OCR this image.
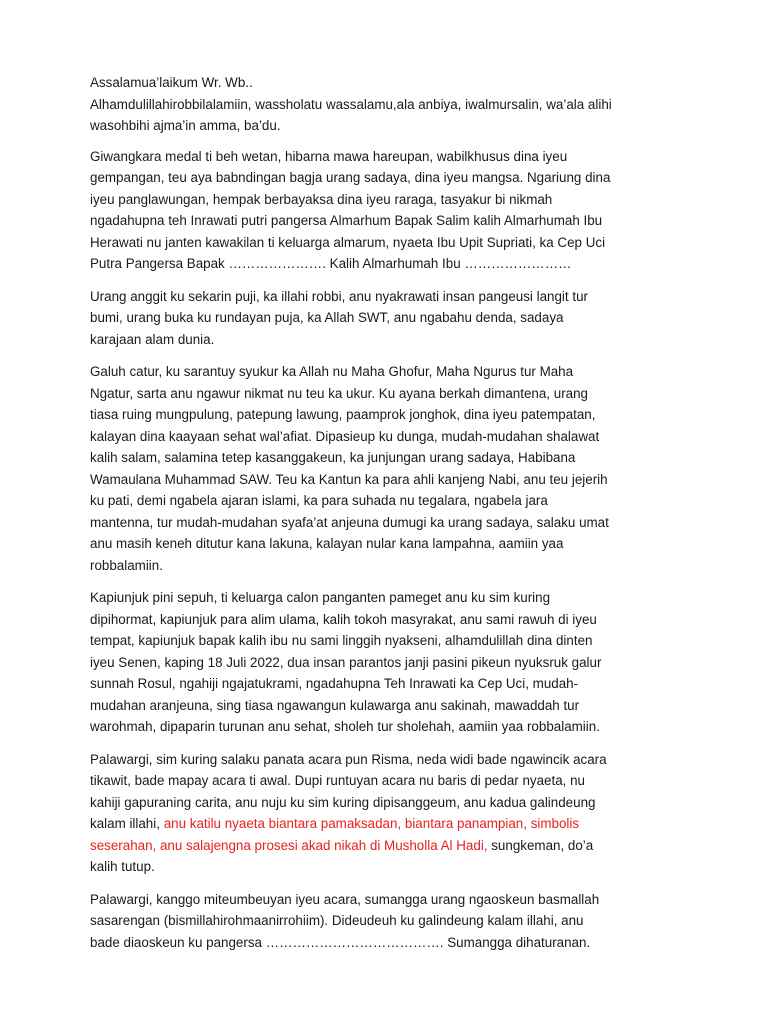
Assalamua’laikum Wr. Wb..
Alhamdulillahirobbilalamiin, wassholatu wassalamu,ala anbiya, iwalmursalin, wa’ala alihi
wasohbihi ajma’in amma, ba’du.

Giwangkara medal ti beh wetan, hibarna mawa hareupan, wabilkhusus dina iyeu
gempangan, teu aya babndingan bagja urang sadaya, dina iyeu mangsa. Ngariung dina
iyeu panglawungan, hempak berbayaksa dina iyeu raraga, tasyakur bi nikmah
ngadahupna teh Inrawati putri pangersa Almarhum Bapak Salim kalih Almarhumah Ibu
Herawati nu janten kawakilan ti keluarga almarum, nyaeta Ibu Upit Supriati, ka Cep Uci
Putra Pangersa Bapak …………………. Kalih Almarhumah Ibu ……………………

Urang anggit ku sekarin puji, ka illahi robbi, anu nyakrawati insan pangeusi langit tur
bumi, urang buka ku rundayan puja, ka Allah SWT, anu ngabahu denda, sadaya
karajaan alam dunia.

Galuh catur, ku sarantuy syukur ka Allah nu Maha Ghofur, Maha Ngurus tur Maha
Ngatur, sarta anu ngawur nikmat nu teu ka ukur. Ku ayana berkah dimantena, urang
tiasa ruing mungpulung, patepung lawung, paamprok jonghok, dina iyeu patempatan,
kalayan dina kaayaan sehat wal’afiat. Dipasieup ku dunga, mudah-mudahan shalawat
kalih salam, salamina tetep kasanggakeun, ka junjungan urang sadaya, Habibana
Wamaulana Muhammad SAW. Teu ka Kantun ka para ahli kanjeng Nabi, anu teu jejerih
ku pati, demi ngabela ajaran islami, ka para suhada nu tegalara, ngabela jara
mantenna, tur mudah-mudahan syafa’at anjeuna dumugi ka urang sadaya, salaku umat
anu masih keneh ditutur kana lakuna, kalayan nular kana lampahna, aamiin yaa
robbalamiin.

Kapiunjuk pini sepuh, ti keluarga calon panganten pameget anu ku sim kuring
dipihormat, kapiunjuk para alim ulama, kalih tokoh masyrakat, anu sami rawuh di iyeu
tempat, kapiunjuk bapak kalih ibu nu sami linggih nyakseni, alhamdulillah dina dinten
iyeu Senen, kaping 18 Juli 2022, dua insan parantos janji pasini pikeun nyuksruk galur
sunnah Rosul, ngahiji ngajatukrami, ngadahupna Teh Inrawati ka Cep Uci, mudah-
mudahan aranjeuna, sing tiasa ngawangun kulawarga anu sakinah, mawaddah tur
warohmah, dipaparin turunan anu sehat, sholeh tur sholehah, aamiin yaa robbalamiin.

Palawargi, sim kuring salaku panata acara pun Risma, neda widi bade ngawincik acara
tikawit, bade mapay acara ti awal. Dupi runtuyan acara nu baris di pedar nyaeta, nu
kahiji gapuraning carita, anu nuju ku sim kuring dipisanggeum, anu kadua galindeung
kalam illahi, anu katilu nyaeta biantara pamaksadan, biantara panampian, simbolis
seserahan, anu salajengna prosesi akad nikah di Musholla Al Hadi, sungkeman, do’a
kalih tutup.

Palawargi, kanggo miteumbeuyan iyeu acara, sumangga urang ngaoskeun basmallah
sasarengan (bismillahirohmaanirrohiim). Dideudeuh ku galindeung kalam illahi, anu
bade diaoskeun ku pangersa …………………………………. Sumangga dihaturanan.
